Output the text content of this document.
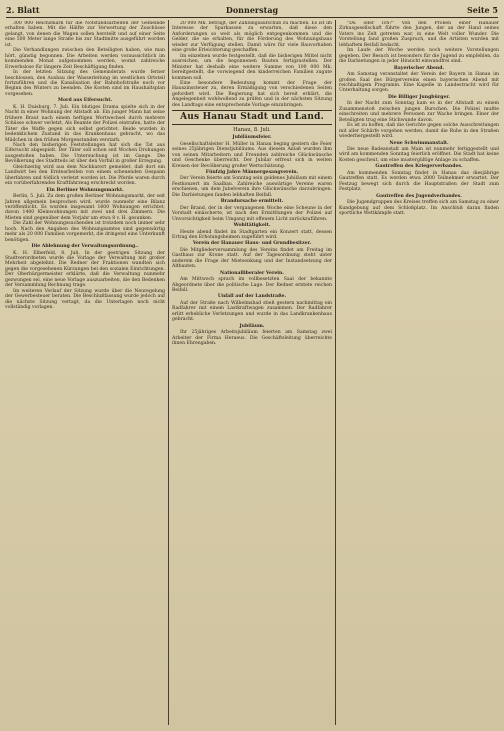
2. Blatt	Donnerstag	Seite 5

300 000 Reichsmark für die Notstandsarbeiten der Gemeinde erhalten haben. Mit die Hälfte zur Verwertung der Zuschüsse gelangt, von denen die Wagen sollen herstellt und auf einer Seite eine 500 Meter lange Straße bis zur Stadtmitte ausgeführt worden ist.

Die Verhandlungen zwischen den Beteiligten haben, wie man hört, günstig begonnen. Die Arbeiten werden voraussichtlich im kommenden Monat aufgenommen werden, womit zahlreiche Erwerbslose für längere Zeit Beschäftigung finden.

In der letzten Sitzung des Gemeinderats wurde ferner beschlossen, den Ausbau der Wasserleitung im westlichen Ortsteil fortzuführen und die Kanalisation der Bahnhofstraße noch vor Beginn des Winters zu beenden. Die Kosten sind im Haushaltsplan vorgesehen.

Mord aus Eifersucht.

K. H. Duisburg, 7. Juli. Ein blutiges Drama spielte sich in der Nacht in einer Wohnung der Altstadt ab. Ein junger Mann hat seine frühere Braut nach einem heftigen Wortwechsel durch mehrere Schüsse schwer verletzt. Als Beamte der Polizei eintrafen, hatte der Täter die Waffe gegen sich selbst gerichtet. Beide wurden in bedenklichem Zustand in das Krankenhaus gebracht, wo das Mädchen in den frühen Morgenstunden verstarb.

Nach den bisherigen Feststellungen hat sich die Tat aus Eifersucht abgespielt. Der Täter soll schon seit Wochen Drohungen ausgestoßen haben. Die Untersuchung ist im Gange. Die Bevölkerung des Stadtteils ist über den Vorfall in großer Erregung.

Gleichzeitig wird aus dem Nachbarort gemeldet, daß dort ein Landwirt bei den Erntearbeiten von einem scheuenden Gespann überfahren und tödlich verletzt worden ist. Die Pferde waren durch ein vorüberfahrendes Kraftfahrzeug erschreckt worden.

Ein Berliner Wohnungsmarkt.

Berlin, 5. Juli. Zu dem großen Berliner Wohnungsmarkt, der seit Jahren allgemein besprochen wird, wurde nunmehr eine Bilanz veröffentlicht. Es wurden insgesamt 1600 Wohnungen errichtet, davon 1400 Kleinwohnungen mit zwei und drei Zimmern. Die Mieten sind gegenüber dem Vorjahr um etwa 8 v. H. gesunken.

Die Zahl der Wohnungssuchenden ist trotzdem noch immer sehr hoch. Nach den Angaben des Wohnungsamtes sind gegenwärtig mehr als 20 000 Familien vorgemerkt, die dringend eine Unterkunft benötigen.

Die Ablehnung der Verwaltungsordnung..

K. H. Elberfeld, 8. Juli. In der gestrigen Sitzung der Stadtverordneten wurde die Vorlage der Verwaltung mit großer Mehrheit abgelehnt. Die Redner der Fraktionen wandten sich gegen die vorgesehenen Kürzungen bei den sozialen Einrichtungen. Der Oberbürgermeister erklärte, daß die Verwaltung nunmehr gezwungen sei, eine neue Vorlage auszuarbeiten, die den Bedenken der Versammlung Rechnung trage.

Im weiteren Verlauf der Sitzung wurde über die Neuregelung der Gewerbesteuer beraten. Die Beschlußfassung wurde jedoch auf die nächste Sitzung vertagt, da die Unterlagen noch nicht vollständig vorlagen.

20 000 Mk. beträgt, der Zahlungsaufschub zu machen. Es ist im Interesse der Sparkassen zu erwarten, daß diese den Anforderungen so weit als möglich entgegenkommen und die Gelder, die sie erhalten, für die Förderung des Wohnungsbaus wieder zur Verfügung stellen. Damit wäre für viele Bauvorhaben eine große Erleichterung geschaffen.

Im einzelnen wurde festgestellt, daß die bisherigen Mittel nicht ausreichen, um die begonnenen Bauten fertigzustellen. Der Minister hat deshalb eine weitere Summe von 100 000 Mk. bereitgestellt, die vorwiegend den kinderreichen Familien zugute kommen soll.

Eine besondere Bedeutung kommt der Frage der Hauszinssteuer zu, deren Ermäßigung von verschiedenen Seiten gefordert wird. Die Regierung hat sich bereit erklärt, die Angelegenheit wohlwollend zu prüfen und in der nächsten Sitzung des Landtags eine entsprechende Vorlage einzubringen.

Aus Hanau Stadt und Land.

Hanau, 8. Juli.

Jubiläumsfeier.

Gesellschaftsleiter H. Müller in Hanau beging gestern die Feier seines 25jährigen Dienstjubiläums. Aus diesem Anlaß wurden ihm von seinen Mitarbeitern und Freunden zahlreiche Glückwünsche und Geschenke überreicht. Der Jubilar erfreut sich in weiten Kreisen der Bevölkerung großer Wertschätzung.

Fünfzig Jahre Männergesangverein.

Der Verein feierte am Sonntag sein goldenes Jubiläum mit einem Festkonzert im Saalbau. Zahlreiche auswärtige Vereine waren erschienen, um dem Jubelverein ihre Glückwünsche darzubringen. Die Darbietungen fanden lebhaften Beifall.

Brandursache ermittelt.

Der Brand, der in der vergangenen Woche eine Scheune in der Vorstadt einäscherte, ist nach den Ermittlungen der Polizei auf Unvorsichtigkeit beim Umgang mit offenem Licht zurückzuführen.

Wohltätigkeit.

Heute abend findet im Stadtgarten ein Konzert statt, dessen Ertrag den Erholungsheimen zugeführt wird.

Verein der Hanauer Haus- und Grundbesitzer.

Die Mitgliederversammlung des Vereins findet am Freitag im Gasthaus zur Krone statt. Auf der Tagesordnung steht unter anderem die Frage der Mietsenkung und der Instandsetzung der Altbauten.

Nationalliberaler Verein.

Am Mittwoch sprach im vollbesetzten Saal der bekannte Abgeordnete über die politische Lage. Der Redner erntete reichen Beifall.

Unfall auf der Landstraße.

Auf der Straße nach Wilhelmsbad stieß gestern nachmittag ein Radfahrer mit einem Lastkraftwagen zusammen. Der Radfahrer erlitt erhebliche Verletzungen und wurde in das Landkrankenhaus gebracht.

Jubiläum.

Ihr 25jähriges Arbeitsjubiläum feierten am Samstag zwei Arbeiter der Firma Heraeus. Die Geschäftsleitung überreichte ihnen Ehrengaben.

"Du oder Ich?" Von den Proben einer Hanauer Zirkusgesellschaft führte den Jungen, der an der Hand seines Vaters ins Zelt getreten war, in eine Welt voller Wunder. Die Vorstellung fand großen Zuspruch, und die Artisten wurden mit lebhaftem Beifall bedacht.

Im Laufe der Woche werden noch weitere Vorstellungen gegeben. Der Besuch ist besonders für die Jugend zu empfehlen, da die Darbietungen in jeder Hinsicht einwandfrei sind.

Bayerischer Abend.

Am Samstag veranstaltet der Verein der Bayern in Hanau im großen Saal des Bürgervereins einen bayerischen Abend mit reichhaltigem Programm. Eine Kapelle in Landestracht wird für Unterhaltung sorgen.

Die Billiger Jungbürger.

In der Nacht zum Sonntag kam es in der Altstadt zu einem Zusammenstoß zwischen jungen Burschen. Die Polizei mußte einschreiten und mehrere Personen zur Wache bringen. Einer der Beteiligten trug eine Stichwunde davon.

Es ist zu hoffen, daß die Gerichte gegen solche Ausschreitungen mit aller Schärfe vorgehen werden, damit die Ruhe in den Straßen wiederhergestellt wird.

Neue Schwimmanstalt.

Die neue Badeanstalt am Main ist nunmehr fertiggestellt und wird am kommenden Sonntag feierlich eröffnet. Die Stadt hat keine Kosten gescheut, um eine mustergültige Anlage zu schaffen.

Gautreffen des Kriegerverbandes.

Am kommenden Sonntag findet in Hanau das diesjährige Gautreffen statt. Es werden etwa 2000 Teilnehmer erwartet. Der Festzug bewegt sich durch die Hauptstraßen der Stadt zum Festplatz.

Gautreffen des Jugendverbandes.

Die Jugendgruppen des Kreises treffen sich am Samstag zu einer Kundgebung auf dem Schloßplatz. Im Anschluß daran finden sportliche Wettkämpfe statt.
